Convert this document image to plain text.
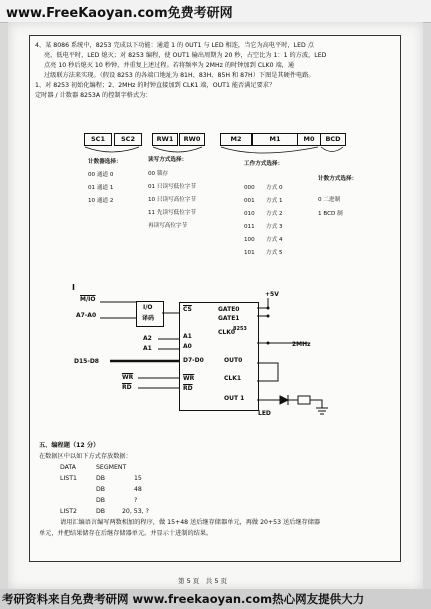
www.FreeKaoyan.com免费考研网
4、某 8086 系统中，8253 完成以下功能：通道 1 的 0UT1 与 LED 相连，当它为高电平时，LED 点
亮，低电平时，LED 熄灭；对 8253 编程，使 OUT1 输出周期为 20 秒，占空比为 1：1 的方波，LED
点亮 10 秒后熄灭 10 秒钟，并重复上述过程。若将频率为 2MHz 的时钟加到 CLK0 端，通
过级联方法来实现。（假设 8253 的各端口地址为 81H、83H、85H 和 87H）下图是其硬件电路。
1、对 8253 初始化编程；2、2MHz 的时钟直接加到 CLK1 端，OUT1 能否满足要求？
定时器 / 计数器 8253A 的控制字格式为：
SC1	SC2	RW1	RW0	M2	M1	M0	BCD
计数器选择：
00 通道 0
01 通道 1
10 通道 2
读写方式选择：
00 锁存
01 只读写低位字节
10 只读写高位字节
11 先读写低位字节
再读写高位字节
工作方式选择：
000 方式 0
001 方式 1
010 方式 2
011 方式 3
100 方式 4
101 方式 5
计数方式选择：
0 二进制
1 BCD 制
I
M/IO
A7-A0
I/O
译码
$\overline{CS}$	GATE0
GATE1
CLK0
A1
A0
D7-D0	OUT0
$\overline{WR}$	CLK1
$\overline{RD}$
OUT 1
8253
A2
A1
D15-D8
$\overline{WR}$
$\overline{RD}$
+5V
2MHz
LED
五、编程题（12 分）
在数据区中以如下方式存放数据：
DATA	SEGMENT
LIST1	DB	15
DB	48
DB	?
LIST2	DB	20, 53, ?
请用汇编语言编写两数相加的程序，做 15+48 送后继存储器单元，再做 20+53 送后继存储器
单元，并把结果储存在后继存储器单元。并显示十进制的结果。
第 5 页　共 5 页
考研资料来自免费考研网 www.freekaoyan.com热心网友提供大力
